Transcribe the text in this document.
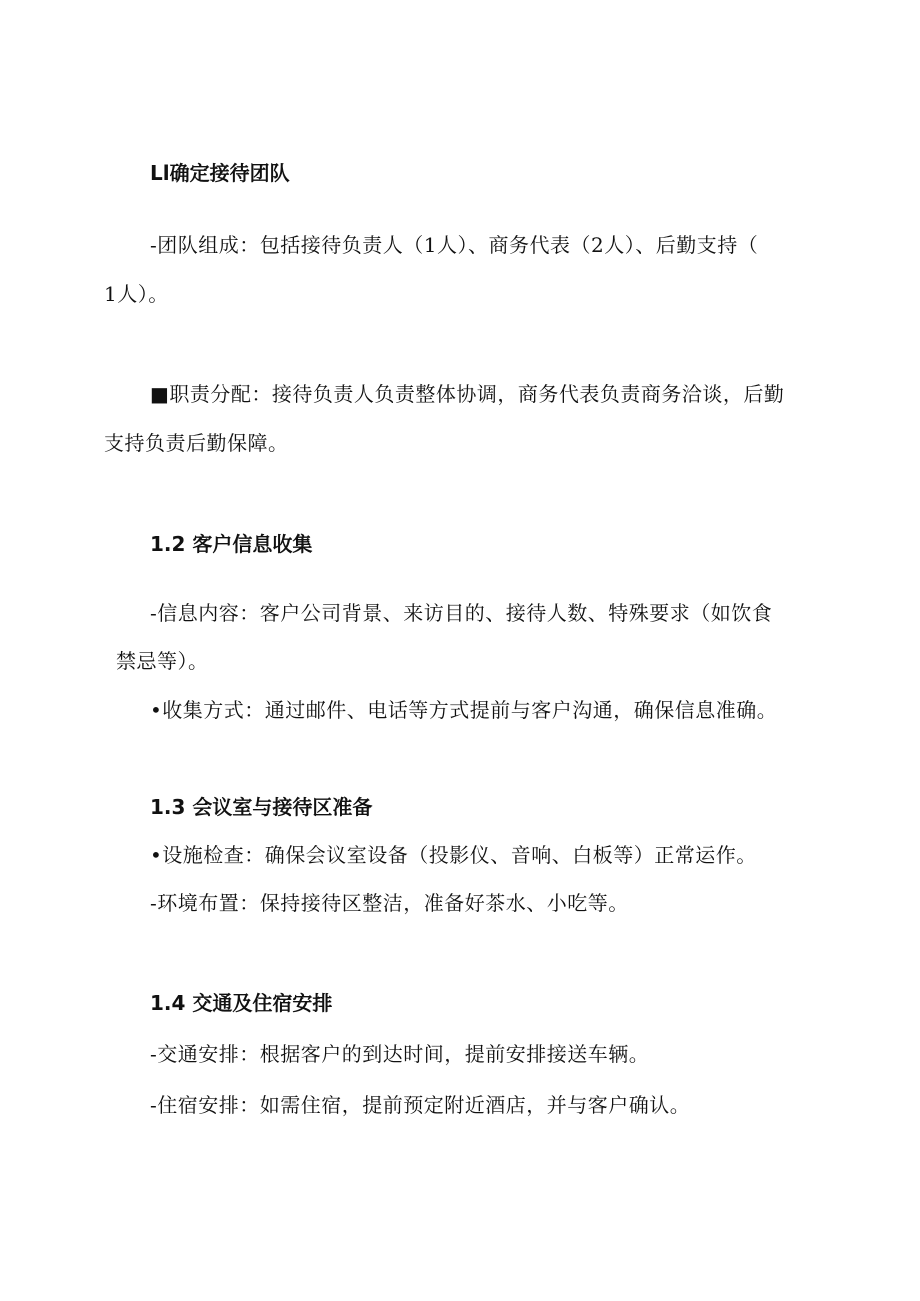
Ll确定接待团队
-团队组成：包括接待负责人（1人）、商务代表（2人）、后勤支持（
1人）。
■职责分配：接待负责人负责整体协调，商务代表负责商务洽谈，后勤
支持负责后勤保障。
1.2 客户信息收集
-信息内容：客户公司背景、来访目的、接待人数、特殊要求（如饮食
禁忌等）。
•收集方式：通过邮件、电话等方式提前与客户沟通，确保信息准确。
1.3 会议室与接待区准备
•设施检查：确保会议室设备（投影仪、音响、白板等）正常运作。
-环境布置：保持接待区整洁，准备好茶水、小吃等。
1.4 交通及住宿安排
-交通安排：根据客户的到达时间，提前安排接送车辆。
-住宿安排：如需住宿，提前预定附近酒店，并与客户确认。
